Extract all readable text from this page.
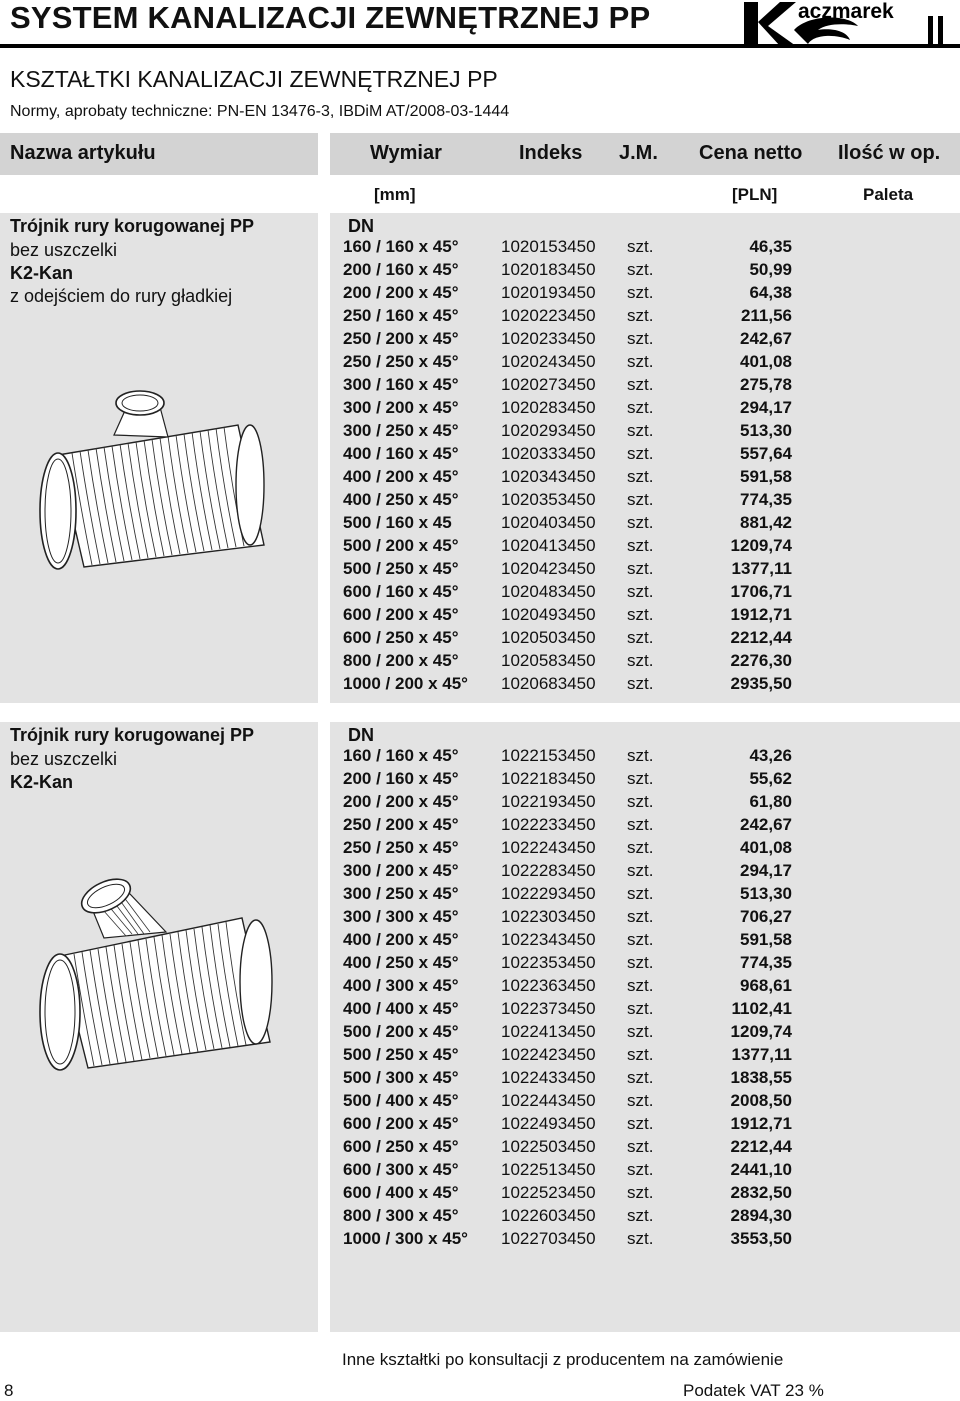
SYSTEM KANALIZACJI ZEWNĘTRZNEJ PP	aczmarek
KSZTAŁTKI KANALIZACJI ZEWNĘTRZNEJ PP
Normy, aprobaty techniczne: PN-EN 13476-3, IBDiM AT/2008-03-1444
Nazwa artykułu	Wymiar	Indeks J.M. Cena netto Ilość w op.
[mm]	[PLN]	Paleta
Trójnik rury korugowanej PP
bez uszczelki
K2-Kan
z odejściem do rury gładkiej
DN
Trójnik rury korugowanej PP
bez uszczelki
K2-Kan
DN
160 / 160 x 45° 1020153450 szt.	46,35
200 / 160 x 45° 1020183450 szt.	50,99
200 / 200 x 45° 1020193450 szt.	64,38
250 / 160 x 45° 1020223450 szt.	211,56
250 / 200 x 45° 1020233450 szt.	242,67
250 / 250 x 45° 1020243450 szt.	401,08
300 / 160 x 45° 1020273450 szt.	275,78
300 / 200 x 45° 1020283450 szt.	294,17
300 / 250 x 45° 1020293450 szt.	513,30
400 / 160 x 45° 1020333450 szt.	557,64
400 / 200 x 45° 1020343450 szt.	591,58
400 / 250 x 45° 1020353450 szt.	774,35
500 / 160 x 45	1020403450 szt.	881,42
500 / 200 x 45° 1020413450 szt.	1209,74
500 / 250 x 45° 1020423450 szt.	1377,11
600 / 160 x 45° 1020483450 szt.	1706,71
600 / 200 x 45° 1020493450 szt.	1912,71
600 / 250 x 45° 1020503450 szt.	2212,44
800 / 200 x 45° 1020583450 szt.	2276,30
1000 / 200 x 45° 1020683450 szt.	2935,50
160 / 160 x 45° 1022153450 szt.	43,26
200 / 160 x 45° 1022183450 szt.	55,62
200 / 200 x 45° 1022193450 szt.	61,80
250 / 200 x 45° 1022233450 szt.	242,67
250 / 250 x 45° 1022243450 szt.	401,08
300 / 200 x 45° 1022283450 szt.	294,17
300 / 250 x 45° 1022293450 szt.	513,30
300 / 300 x 45° 1022303450 szt.	706,27
400 / 200 x 45° 1022343450 szt.	591,58
400 / 250 x 45° 1022353450 szt.	774,35
400 / 300 x 45° 1022363450 szt.	968,61
400 / 400 x 45° 1022373450 szt.	1102,41
500 / 200 x 45° 1022413450 szt.	1209,74
500 / 250 x 45° 1022423450 szt.	1377,11
500 / 300 x 45° 1022433450 szt.	1838,55
500 / 400 x 45° 1022443450 szt.	2008,50
600 / 200 x 45° 1022493450 szt.	1912,71
600 / 250 x 45° 1022503450 szt.	2212,44
600 / 300 x 45° 1022513450 szt.	2441,10
600 / 400 x 45° 1022523450 szt.	2832,50
800 / 300 x 45° 1022603450 szt.	2894,30
1000 / 300 x 45° 1022703450 szt.	3553,50
Inne kształtki po konsultacji z producentem na zamówienie
8	Podatek VAT 23 %
